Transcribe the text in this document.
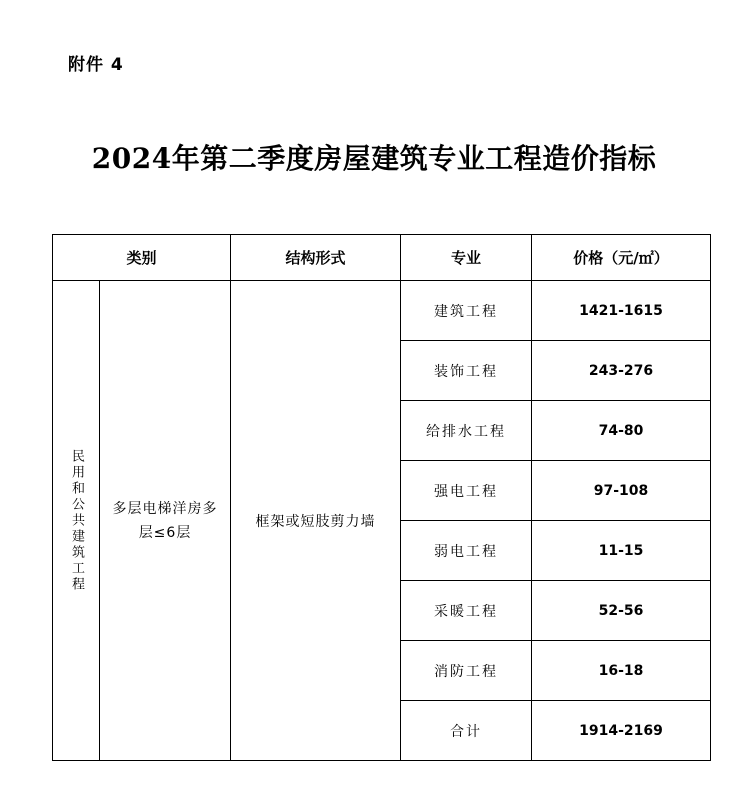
附件 4
2024年第二季度房屋建筑专业工程造价指标
类别		结构形式	专业	价格（元/㎡）

民用和公共建筑工程	多层电梯洋房多层≤6层	框架或短肢剪力墙	建筑工程	1421-1615
			装饰工程	243-276
			给排水工程	74-80
			强电工程	97-108
			弱电工程	11-15
			采暖工程	52-56
			消防工程	16-18
			合计	1914-2169
